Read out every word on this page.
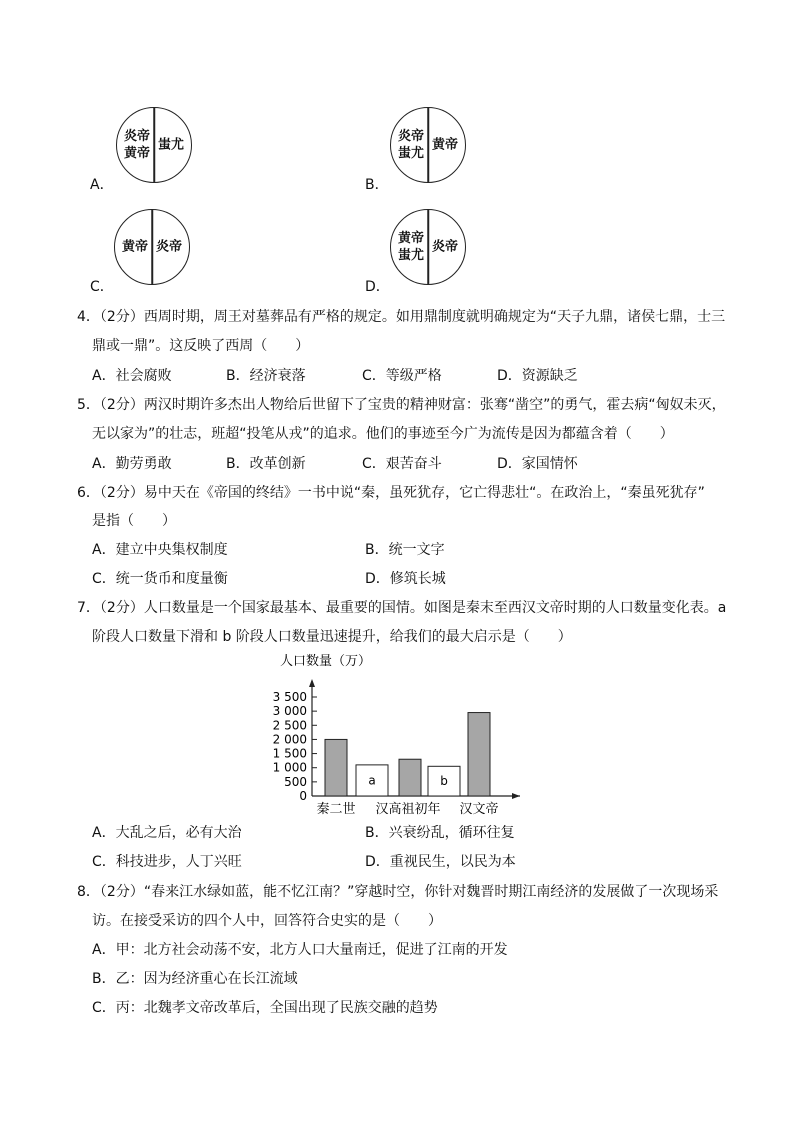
A．
炎帝
黄帝
蚩尤
B．
炎帝
蚩尤
黄帝
C．
黄帝 炎帝
D．
黄帝
蚩尤
炎帝
4．（2分）西周时期，周王对墓葬品有严格的规定。如用鼎制度就明确规定为“天子九鼎，诸侯七鼎，士三
鼎或一鼎”。这反映了西周（　　）
A．社会腐败	B．经济衰落	C．等级严格	D．资源缺乏
5．（2分）两汉时期许多杰出人物给后世留下了宝贵的精神财富：张骞“凿空”的勇气，霍去病“匈奴未灭，
无以家为”的壮志，班超“投笔从戎”的追求。他们的事迹至今广为流传是因为都蕴含着（　　）
A．勤劳勇敢	B．改革创新	C．艰苦奋斗	D．家国情怀
6．（2分）易中天在《帝国的终结》一书中说“秦，虽死犹存，它亡得悲壮“。在政治上，“秦虽死犹存”
是指（　　）
A．建立中央集权制度	B．统一文字
C．统一货币和度量衡	D．修筑长城
7．（2分）人口数量是一个国家最基本、最重要的国情。如图是秦末至西汉文帝时期的人口数量变化表。a
阶段人口数量下滑和 b 阶段人口数量迅速提升，给我们的最大启示是（　　）
人口数量（万）
0
500
1 000
1 500
2 000
2 500
3 000
3 500
a	b
秦二世 汉高祖初年 汉文帝
A．大乱之后，必有大治	B．兴衰纷乱，循环往复
C．科技进步，人丁兴旺	D．重视民生，以民为本
8．（2分）“春来江水绿如蓝，能不忆江南？”穿越时空，你针对魏晋时期江南经济的发展做了一次现场采
访。在接受采访的四个人中，回答符合史实的是（　　）
A．甲：北方社会动荡不安，北方人口大量南迁，促进了江南的开发
B．乙：因为经济重心在长江流域
C．丙：北魏孝文帝改革后，全国出现了民族交融的趋势
